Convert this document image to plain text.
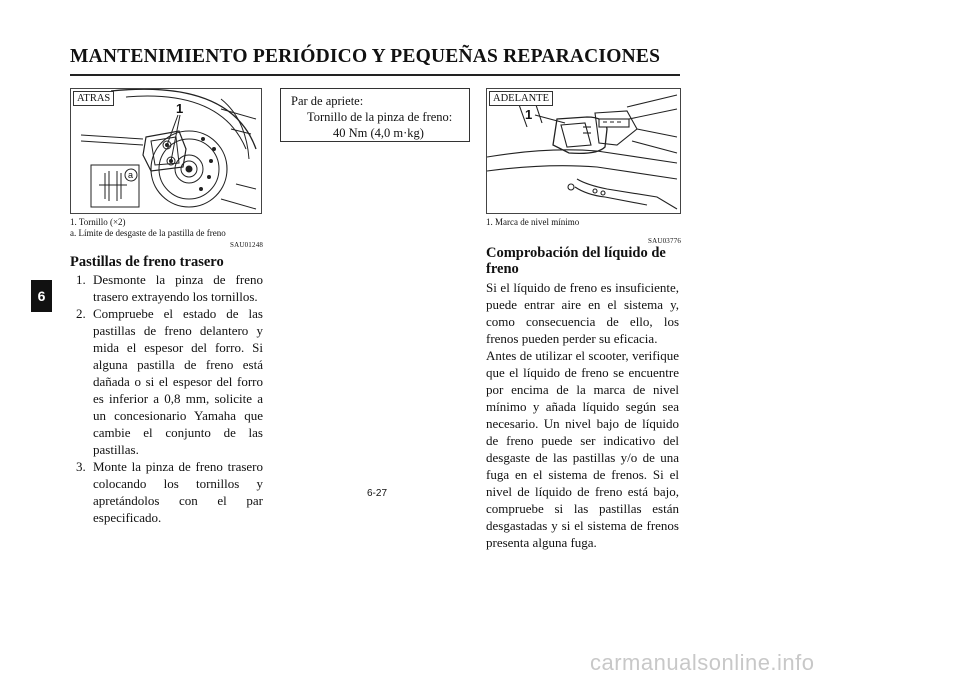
MANTENIMIENTO PERIÓDICO Y PEQUEÑAS REPARACIONES
6
ATRAS
1
a
1. Tornillo (×2)
a. Límite de desgaste de la pastilla de freno
SAU01248
Pastillas de freno trasero
1. Desmonte la pinza de freno trasero extrayendo los tornillos.
2. Compruebe el estado de las pastillas de freno delantero y mida el espesor del forro. Si alguna pastilla de freno está dañada o si el espesor del forro es inferior a 0,8 mm, solicite a un concesionario Yamaha que cambie el conjunto de las pastillas.
3. Monte la pinza de freno trasero colocando los tornillos y apretándolos con el par especificado.
Par de apriete:
Tornillo de la pinza de freno:
40 Nm (4,0 m·kg)
ADELANTE
1
1. Marca de nivel mínimo
SAU03776
Comprobación del líquido de freno

Si el líquido de freno es insuficiente, puede entrar aire en el sistema y, como consecuencia de ello, los frenos pueden perder su eficacia.

Antes de utilizar el scooter, verifique que el líquido de freno se encuentre por encima de la marca de nivel mínimo y añada líquido según sea necesario. Un nivel bajo de líquido de freno puede ser indicativo del desgaste de las pastillas y/o de una fuga en el sistema de frenos. Si el nivel de líquido de freno está bajo, compruebe si las pastillas están desgastadas y si el sistema de frenos presenta alguna fuga.

6-27
carmanualsonline.info
